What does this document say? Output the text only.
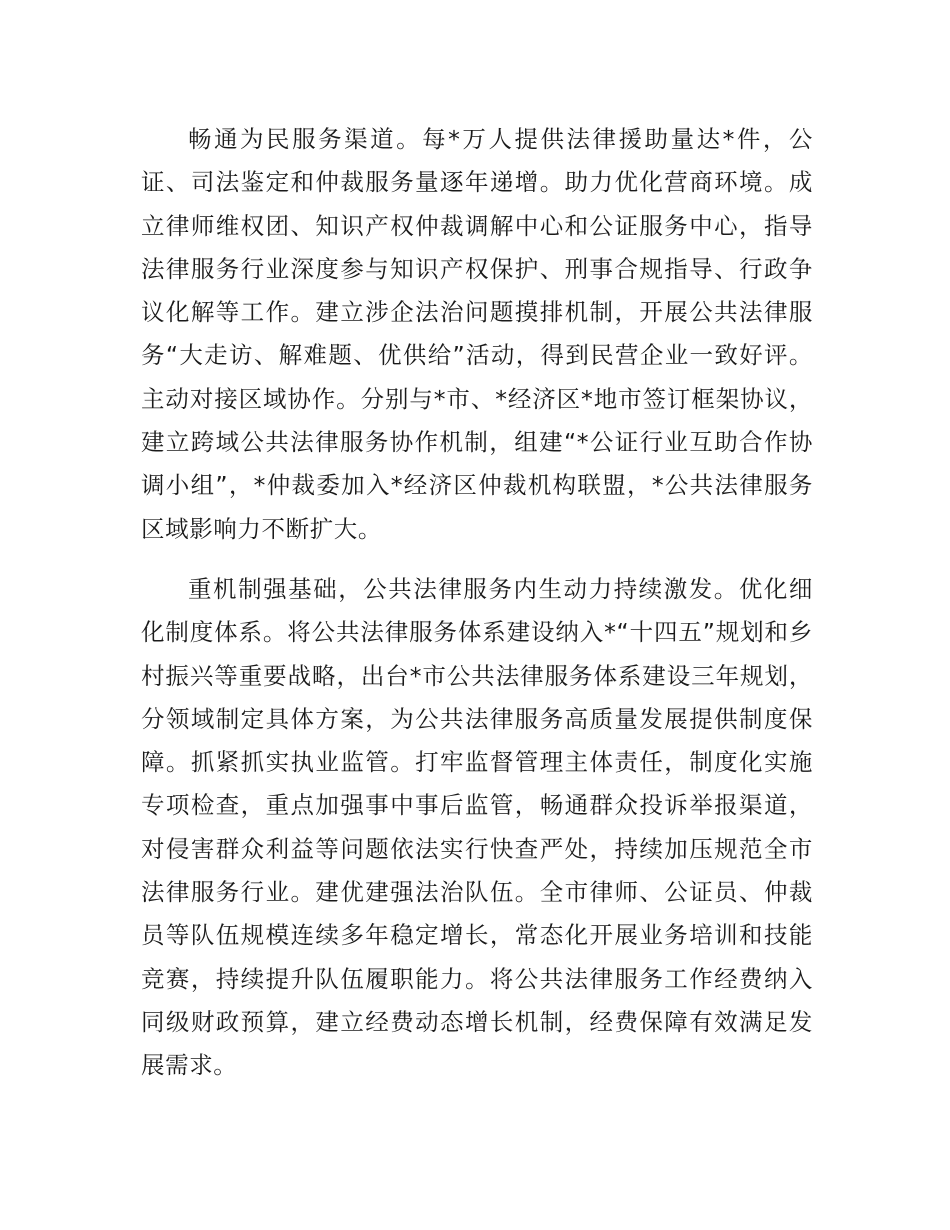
畅通为民服务渠道。每*万人提供法律援助量达*件，公证、司法鉴定和仲裁服务量逐年递增。助力优化营商环境。成立律师维权团、知识产权仲裁调解中心和公证服务中心，指导法律服务行业深度参与知识产权保护、刑事合规指导、行政争议化解等工作。建立涉企法治问题摸排机制，开展公共法律服务“大走访、解难题、优供给”活动，得到民营企业一致好评。主动对接区域协作。分别与*市、*经济区*地市签订框架协议，建立跨域公共法律服务协作机制，组建“*公证行业互助合作协调小组”，*仲裁委加入*经济区仲裁机构联盟，*公共法律服务区域影响力不断扩大。

重机制强基础，公共法律服务内生动力持续激发。优化细化制度体系。将公共法律服务体系建设纳入*“十四五”规划和乡村振兴等重要战略，出台*市公共法律服务体系建设三年规划，分领域制定具体方案，为公共法律服务高质量发展提供制度保障。抓紧抓实执业监管。打牢监督管理主体责任，制度化实施专项检查，重点加强事中事后监管，畅通群众投诉举报渠道，对侵害群众利益等问题依法实行快查严处，持续加压规范全市法律服务行业。建优建强法治队伍。全市律师、公证员、仲裁员等队伍规模连续多年稳定增长，常态化开展业务培训和技能竞赛，持续提升队伍履职能力。将公共法律服务工作经费纳入同级财政预算，建立经费动态增长机制，经费保障有效满足发展需求。
